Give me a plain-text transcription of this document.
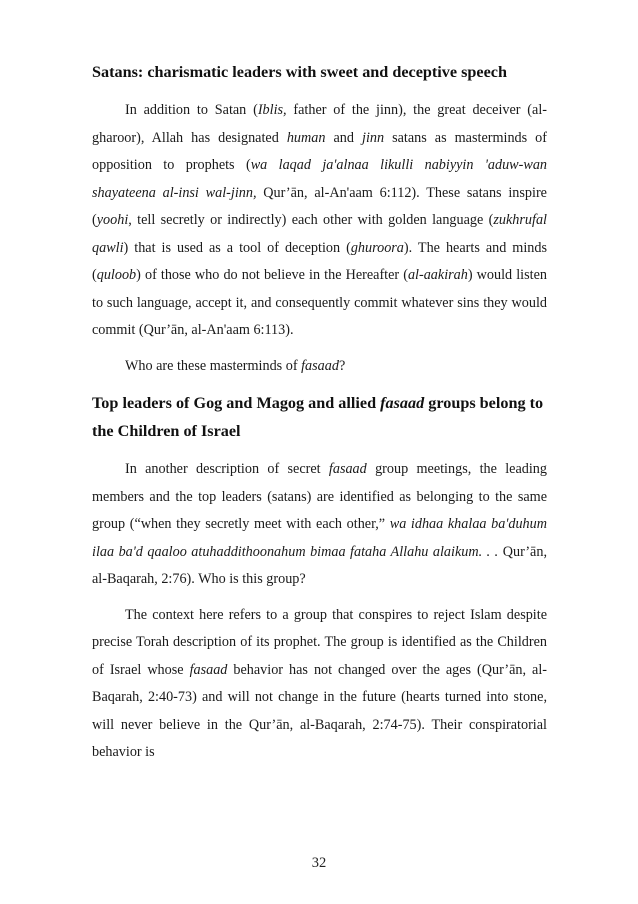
Satans: charismatic leaders with sweet and deceptive speech

In addition to Satan (Iblis, father of the jinn), the great deceiver (al-gharoor), Allah has designated human and jinn satans as masterminds of opposition to prophets (wa laqad ja'alnaa likulli nabiyyin 'aduw-wan shayateena al-insi wal-jinn, Qur’ān, al-An'aam 6:112). These satans inspire (yoohi, tell secretly or indirectly) each other with golden language (zukhrufal qawli) that is used as a tool of deception (ghuroora). The hearts and minds (quloob) of those who do not believe in the Hereafter (al-aakirah) would listen to such language, accept it, and consequently commit whatever sins they would commit (Qur’ān, al-An'aam 6:113).

Who are these masterminds of fasaad?

Top leaders of Gog and Magog and allied fasaad groups belong to the Children of Israel

In another description of secret fasaad group meetings, the leading members and the top leaders (satans) are identified as belonging to the same group (“when they secretly meet with each other,” wa idhaa khalaa ba'duhum ilaa ba'd qaaloo atuhaddithoonahum bimaa fataha Allahu alaikum. . . Qur’ān, al-Baqarah, 2:76). Who is this group?

The context here refers to a group that conspires to reject Islam despite precise Torah description of its prophet. The group is identified as the Children of Israel whose fasaad behavior has not changed over the ages (Qur’ān, al-Baqarah, 2:40-73) and will not change in the future (hearts turned into stone, will never believe in the Qur’ān, al-Baqarah, 2:74-75). Their conspiratorial behavior is

32
